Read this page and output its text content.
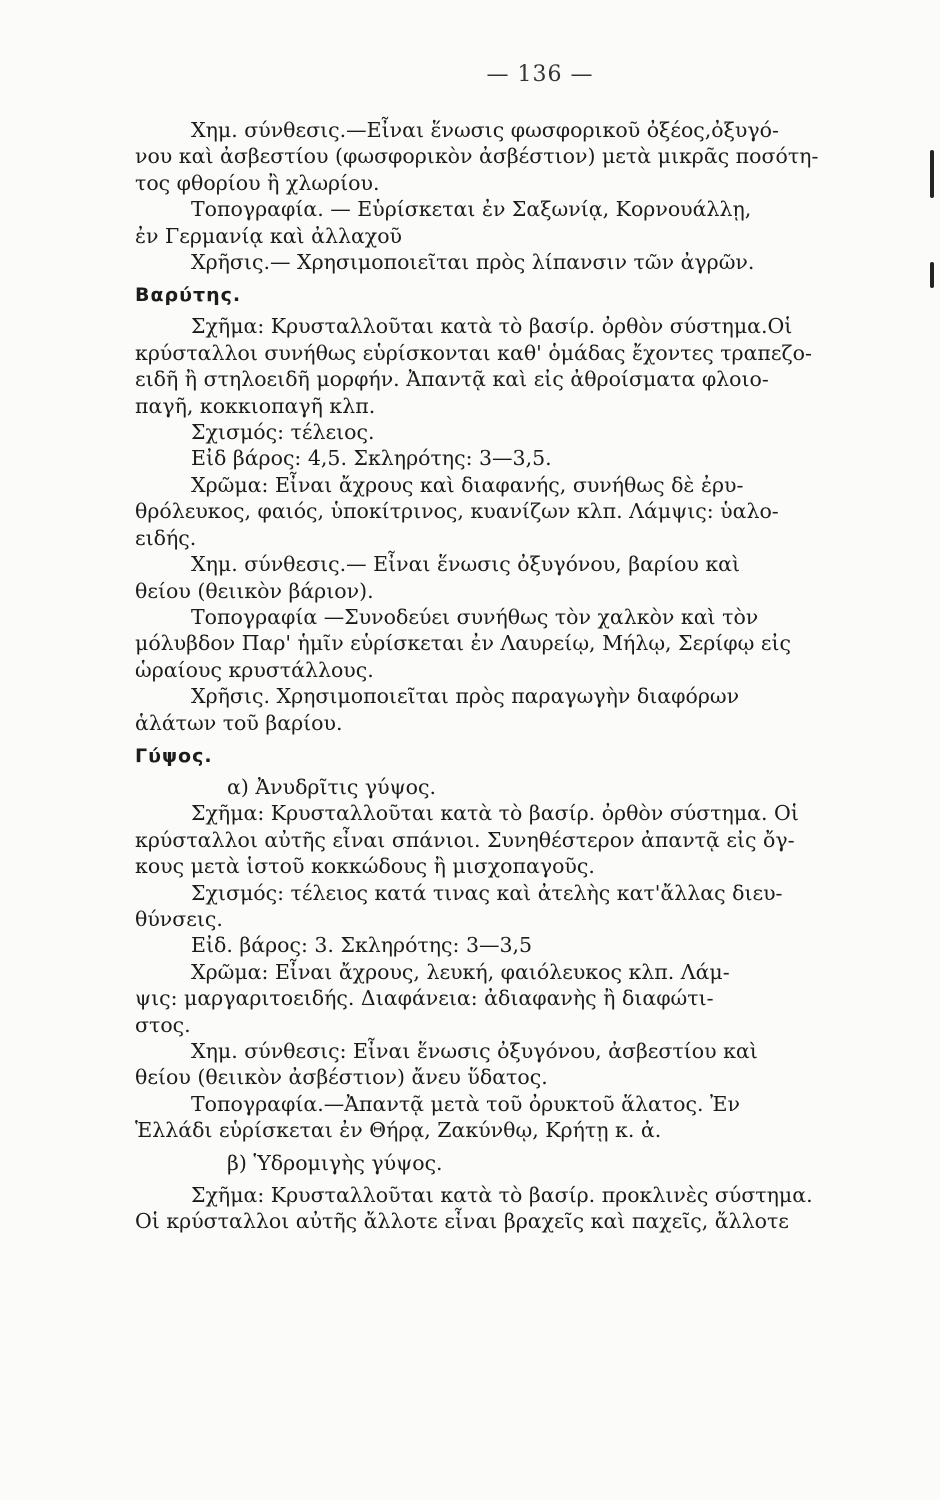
— 136 —
Χημ. σύνθεσις.—Εἶναι ἕνωσις φωσφορικοῦ ὀξέος,ὀξυγό-
νου καὶ ἀσβεστίου (φωσφορικὸν ἀσβέστιον) μετὰ μικρᾶς ποσότη-
τος φθορίου ἢ χλωρίου.
Τοπογραφία. — Εὑρίσκεται ἐν Σαξωνίᾳ, Κορνουάλλῃ,
ἐν Γερμανίᾳ καὶ ἀλλαχοῦ
Χρῆσις.— Χρησιμοποιεῖται πρὸς λίπανσιν τῶν ἀγρῶν.
Βαρύτης.
Σχῆμα: Κρυσταλλοῦται κατὰ τὸ βασίρ. ὀρθὸν σύστημα.Οἱ
κρύσταλλοι συνήθως εὑρίσκονται καθ' ὁμάδας ἔχοντες τραπεζο-
ειδῆ ἢ στηλοειδῆ μορφήν. Ἀπαντᾷ καὶ εἰς ἀθροίσματα φλοιο-
παγῆ, κοκκιοπαγῆ κλπ.
Σχισμός: τέλειος.
Εἰδ βάρος: 4,5. Σκληρότης: 3—3,5.
Χρῶμα: Εἶναι ἄχρους καὶ διαφανής, συνήθως δὲ ἐρυ-
θρόλευκος, φαιός, ὑποκίτρινος, κυανίζων κλπ. Λάμψις: ὑαλο-
ειδής.
Χημ. σύνθεσις.— Εἶναι ἕνωσις ὀξυγόνου, βαρίου καὶ
θείου (θειικὸν βάριον).
Τοπογραφία —Συνοδεύει συνήθως τὸν χαλκὸν καὶ τὸν
μόλυβδον Παρ' ἡμῖν εὑρίσκεται ἐν Λαυρείῳ, Μήλῳ, Σερίφῳ εἰς
ὡραίους κρυστάλλους.
Χρῆσις. Χρησιμοποιεῖται πρὸς παραγωγὴν διαφόρων
ἁλάτων τοῦ βαρίου.
Γύψος.
α) Ἀνυδρῖτις γύψος.
Σχῆμα: Κρυσταλλοῦται κατὰ τὸ βασίρ. ὀρθὸν σύστημα. Οἱ
κρύσταλλοι αὐτῆς εἶναι σπάνιοι. Συνηθέστερον ἀπαντᾷ εἰς ὄγ-
κους μετὰ ἱστοῦ κοκκώδους ἢ μισχοπαγοῦς.
Σχισμός: τέλειος κατά τινας καὶ ἀτελὴς κατ'ἄλλας διευ-
θύνσεις.
Εἰδ. βάρος: 3. Σκληρότης: 3—3,5
Χρῶμα: Εἶναι ἄχρους, λευκή, φαιόλευκος κλπ. Λάμ-
ψις: μαργαριτοειδής. Διαφάνεια: ἀδιαφανὴς ἢ διαφώτι-
στος.
Χημ. σύνθεσις: Εἶναι ἕνωσις ὀξυγόνου, ἀσβεστίου καὶ
θείου (θειικὸν ἀσβέστιον) ἄνευ ὕδατος.
Τοπογραφία.—Ἀπαντᾷ μετὰ τοῦ ὀρυκτοῦ ἅλατος. Ἐν
Ἑλλάδι εὑρίσκεται ἐν Θήρᾳ, Ζακύνθῳ, Κρήτῃ κ. ἀ.
β) Ὑδρομιγὴς γύψος.
Σχῆμα: Κρυσταλλοῦται κατὰ τὸ βασίρ. προκλινὲς σύστημα.
Οἱ κρύσταλλοι αὐτῆς ἄλλοτε εἶναι βραχεῖς καὶ παχεῖς, ἄλλοτε
